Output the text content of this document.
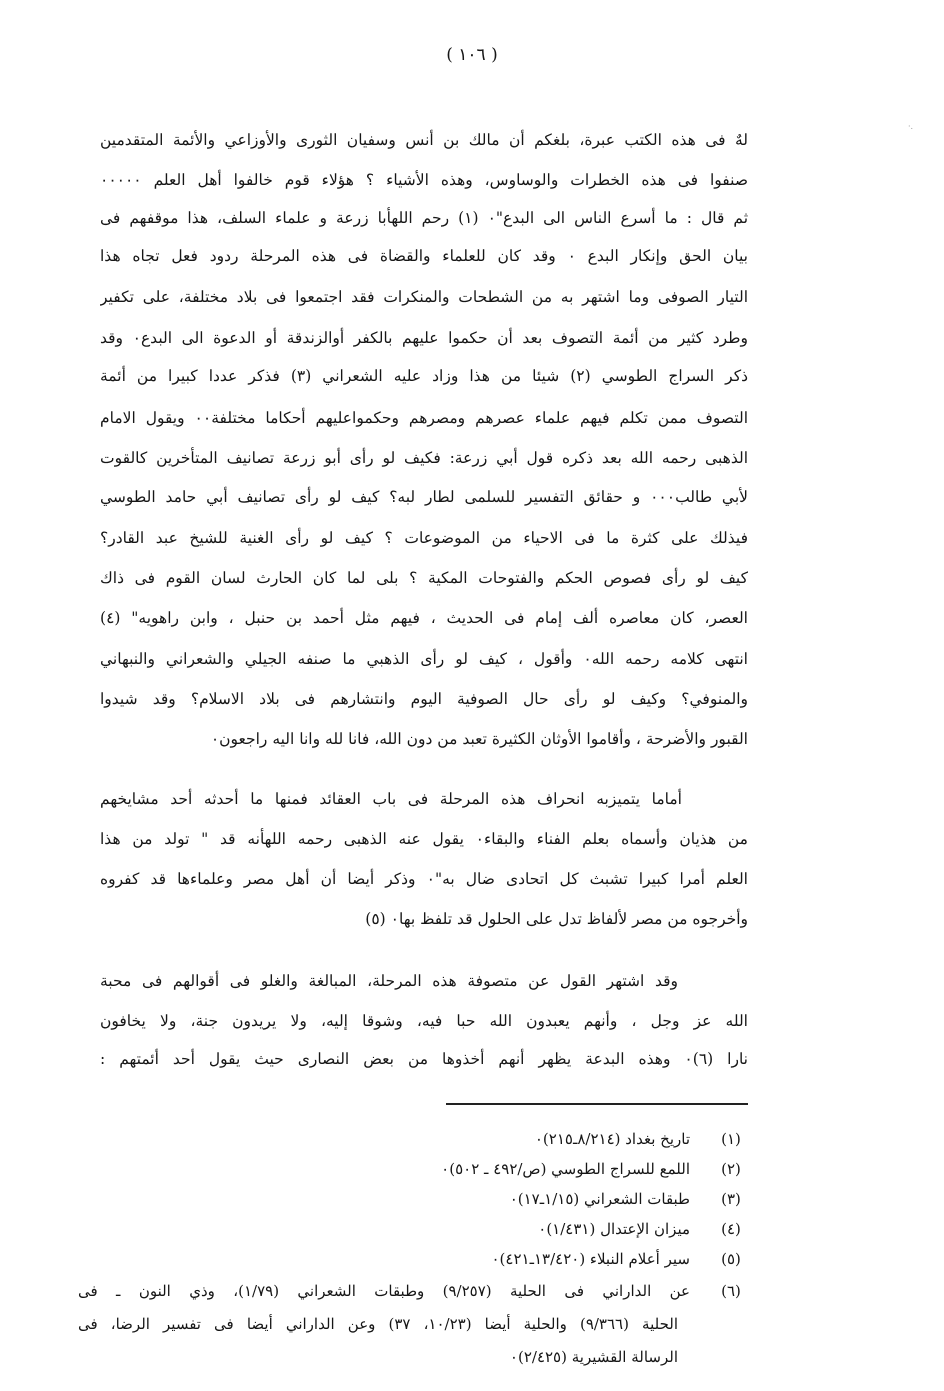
( ١٠٦ )
لهٌ فى هذه الكتب عبرة، بلغكم أن مالك بن أنس وسفيان الثورى والأوزاعي والأئمة المتقدمين
صنفوا فى هذه الخطرات والوساوس، وهذه الأشياء ؟ هؤلاء قوم خالفوا أهل العلم ٠٠٠٠٠
ثم قال : ما أسرع الناس الى البدع"٠ (١) رحم اللهأبا زرعة و علماء السلف، هذا موقفهم فى
بيان الحق وإنكار البدع ٠ وقد كان للعلماء والقضاة فى هذه المرحلة ردود فعل تجاه هذا
التيار الصوفى وما اشتهر به من الشطحات والمنكرات فقد اجتمعوا فى بلاد مختلفة، على تكفير
وطرد كثير من أئمة التصوف بعد أن حكموا عليهم بالكفر أوالزندقة أو الدعوة الى البدع٠ وقد
ذكر السراج الطوسي (٢) شيئا من هذا وزاد عليه الشعراني (٣) فذكر عددا كبيرا من أئمة
التصوف ممن تكلم فيهم علماء عصرهم ومصرهم وحكمواعليهم أحكاما مختلفة٠٠ ويقول الامام
الذهبى رحمه الله بعد ذكره قول أبي زرعة: فكيف لو رأى أبو زرعة تصانيف المتأخرين كالقوت
لأبي طالب٠٠٠ و حقائق التفسير للسلمى لطار لبه؟ كيف لو رأى تصانيف أبي حامد الطوسي
فيذلك على كثرة ما فى الاحياء من الموضوعات ؟ كيف لو رأى الغنية للشيخ عبد القادر؟
كيف لو رأى فصوص الحكم والفتوحات المكية ؟ بلى لما كان الحارث لسان القوم فى ذاك
العصر، كان معاصره ألف إمام فى الحديث ، فيهم مثل أحمد بن حنبل ، وابن راهويه" (٤)
انتهى كلامه رحمه الله٠ وأقول ، كيف لو رأى الذهبي ما صنفه الجيلي والشعراني والنبهاني
والمنوفي؟ وكيف لو رأى حال الصوفية اليوم وانتشارهم فى بلاد الاسلام؟ وقد شيدوا
القبور والأضرحة ، وأقاموا الأوثان الكثيرة تعبد من دون الله، فانا لله وانا اليه راجعون٠
أماما يتميزبه انحراف هذه المرحلة فى باب العقائد فمنها ما أحدثه أحد مشايخهم
من هذيان وأسماه بعلم الفناء والبقاء٠ يقول عنه الذهبى رحمه اللهأنه قد " تولد من هذا
العلم أمرا كبيرا تشبث كل اتحادى ضال به"٠ وذكر أيضا أن أهل مصر وعلماءها قد كفروه
وأخرجوه من مصر لألفاظ تدل على الحلول قد تلفظ بها٠ (٥)
وقد اشتهر القول عن متصوفة هذه المرحلة، المبالغة والغلو فى أقوالهم فى محبة
الله عز وجل ، وأنهم يعبدون الله حبا فيه، وشوقا إليه، ولا يريدون جنة، ولا يخافون
نارا (٦)٠ وهذه البدعة يظهر أنهم أخذوها من بعض النصارى حيث يقول أحد أئمتهم :
(١)
تاريخ بغداد (٨/٢١٤ـ٢١٥)٠
(٢)
اللمع للسراج الطوسي (ص/٤٩٢ ـ ٥٠٢)٠
(٣)
طبقات الشعراني (١/١٥ـ١٧)٠
(٤)
ميزان الإعتدال (١/٤٣١)٠
(٥)
سير أعلام النبلاء (١٣/٤٢٠ـ٤٢١)٠
(٦)
عن الداراني فى الحلية (٩/٢٥٧) وطبقات الشعراني (١/٧٩)، وذي النون ـ فى
الحلية (٩/٣٦٦) والحلية أيضا (١٠/٢٣، ٣٧) وعن الداراني أيضا فى تفسير الرضا، فى
الرسالة القشيرية (٢/٤٢٥)٠
·.
